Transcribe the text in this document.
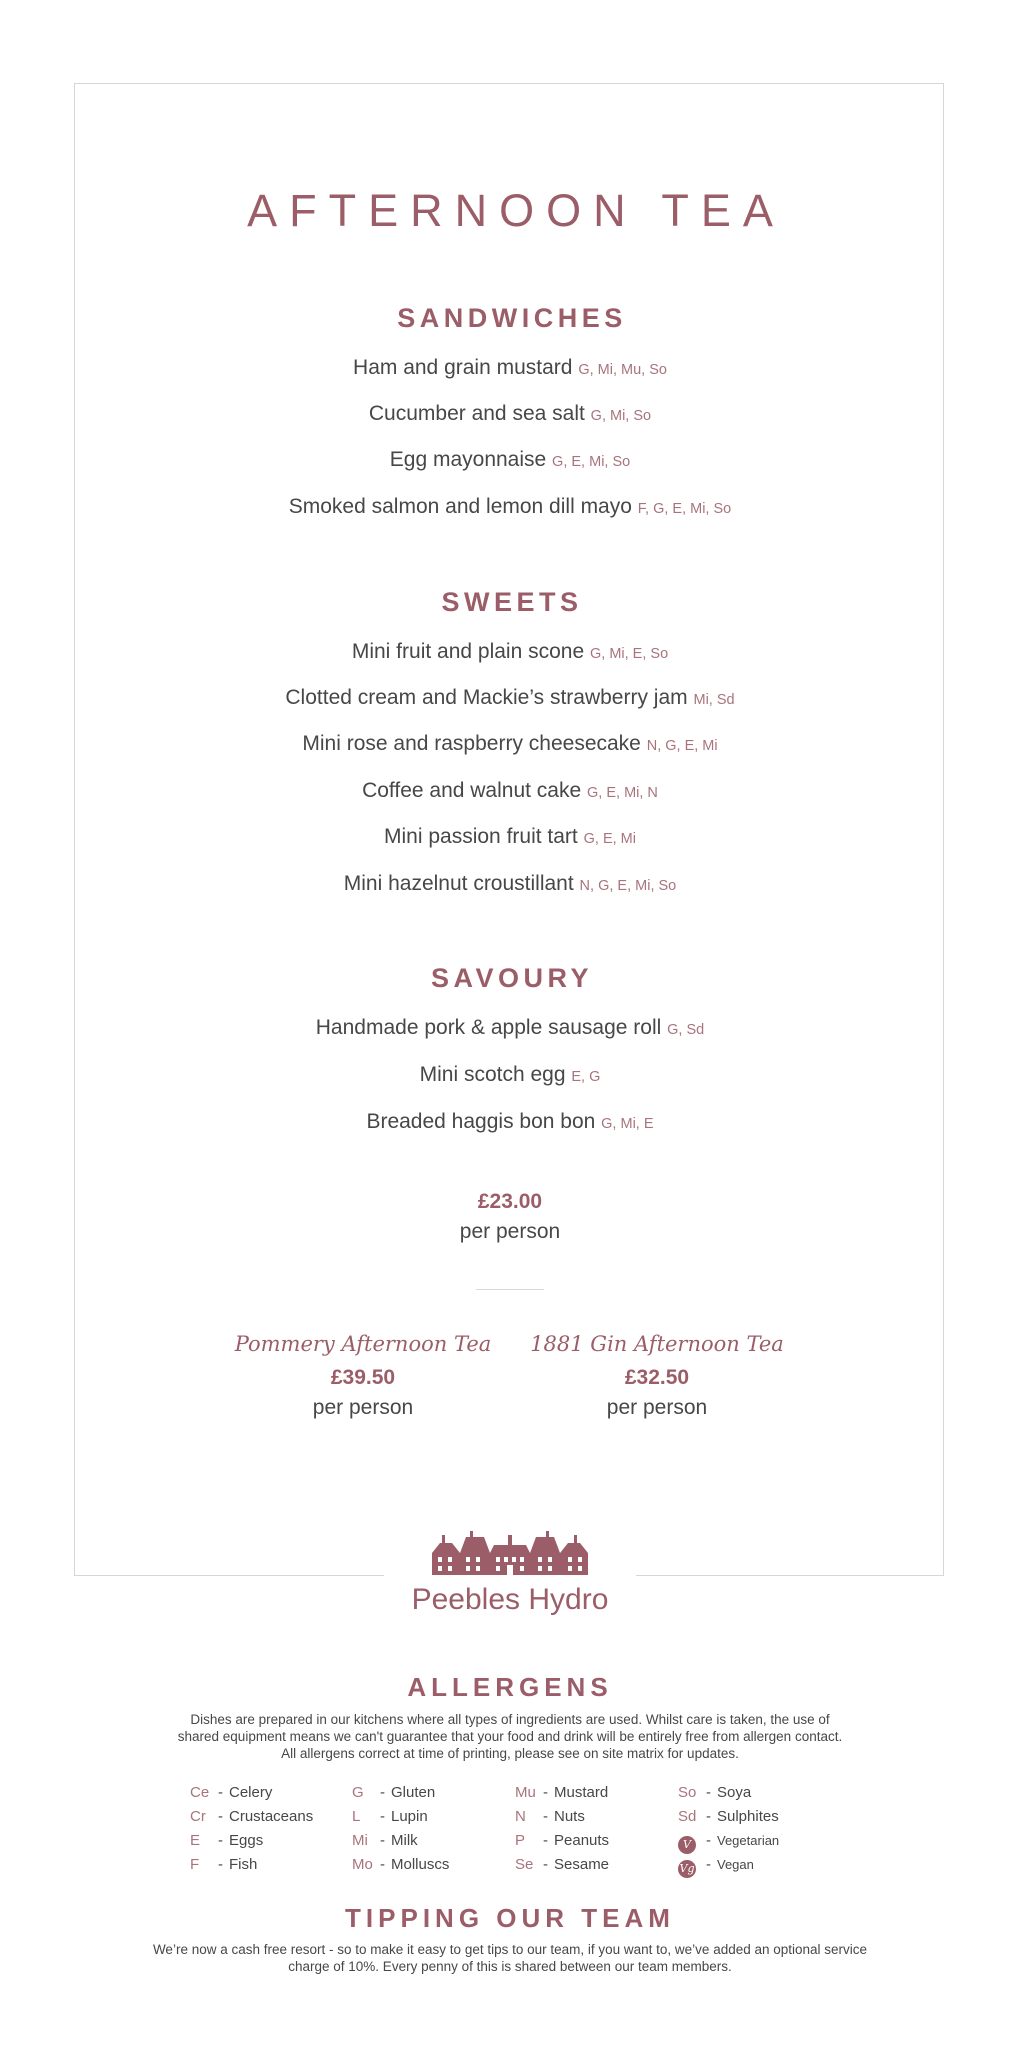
AFTERNOON TEA
SANDWICHES
Ham and grain mustard G, Mi, Mu, So
Cucumber and sea salt G, Mi, So
Egg mayonnaise G, E, Mi, So
Smoked salmon and lemon dill mayo F, G, E, Mi, So
SWEETS
Mini fruit and plain scone G, Mi, E, So
Clotted cream and Mackie’s strawberry jam Mi, Sd
Mini rose and raspberry cheesecake N, G, E, Mi
Coffee and walnut cake G, E, Mi, N
Mini passion fruit tart G, E, Mi
Mini hazelnut croustillant N, G, E, Mi, So
SAVOURY
Handmade pork & apple sausage roll G, Sd
Mini scotch egg E, G
Breaded haggis bon bon G, Mi, E
£23.00
per person
Pommery Afternoon Tea
£39.50
per person
1881 Gin Afternoon Tea
£32.50
per person
Peebles Hydro
ALLERGENS
Dishes are prepared in our kitchens where all types of ingredients are used. Whilst care is taken, the use of
shared equipment means we can't guarantee that your food and drink will be entirely free from allergen contact.
All allergens correct at time of printing, please see on site matrix for updates.
Ce - Celery
Cr - Crustaceans
E - Eggs
F - Fish
G - Gluten
L - Lupin
Mi - Milk
Mo - Molluscs
Mu - Mustard
N - Nuts
P - Peanuts
Se - Sesame
So - Soya
Sd - Sulphites
V - Vegetarian
Vg - Vegan
TIPPING OUR TEAM
We’re now a cash free resort - so to make it easy to get tips to our team, if you want to, we’ve added an optional service
charge of 10%. Every penny of this is shared between our team members.
